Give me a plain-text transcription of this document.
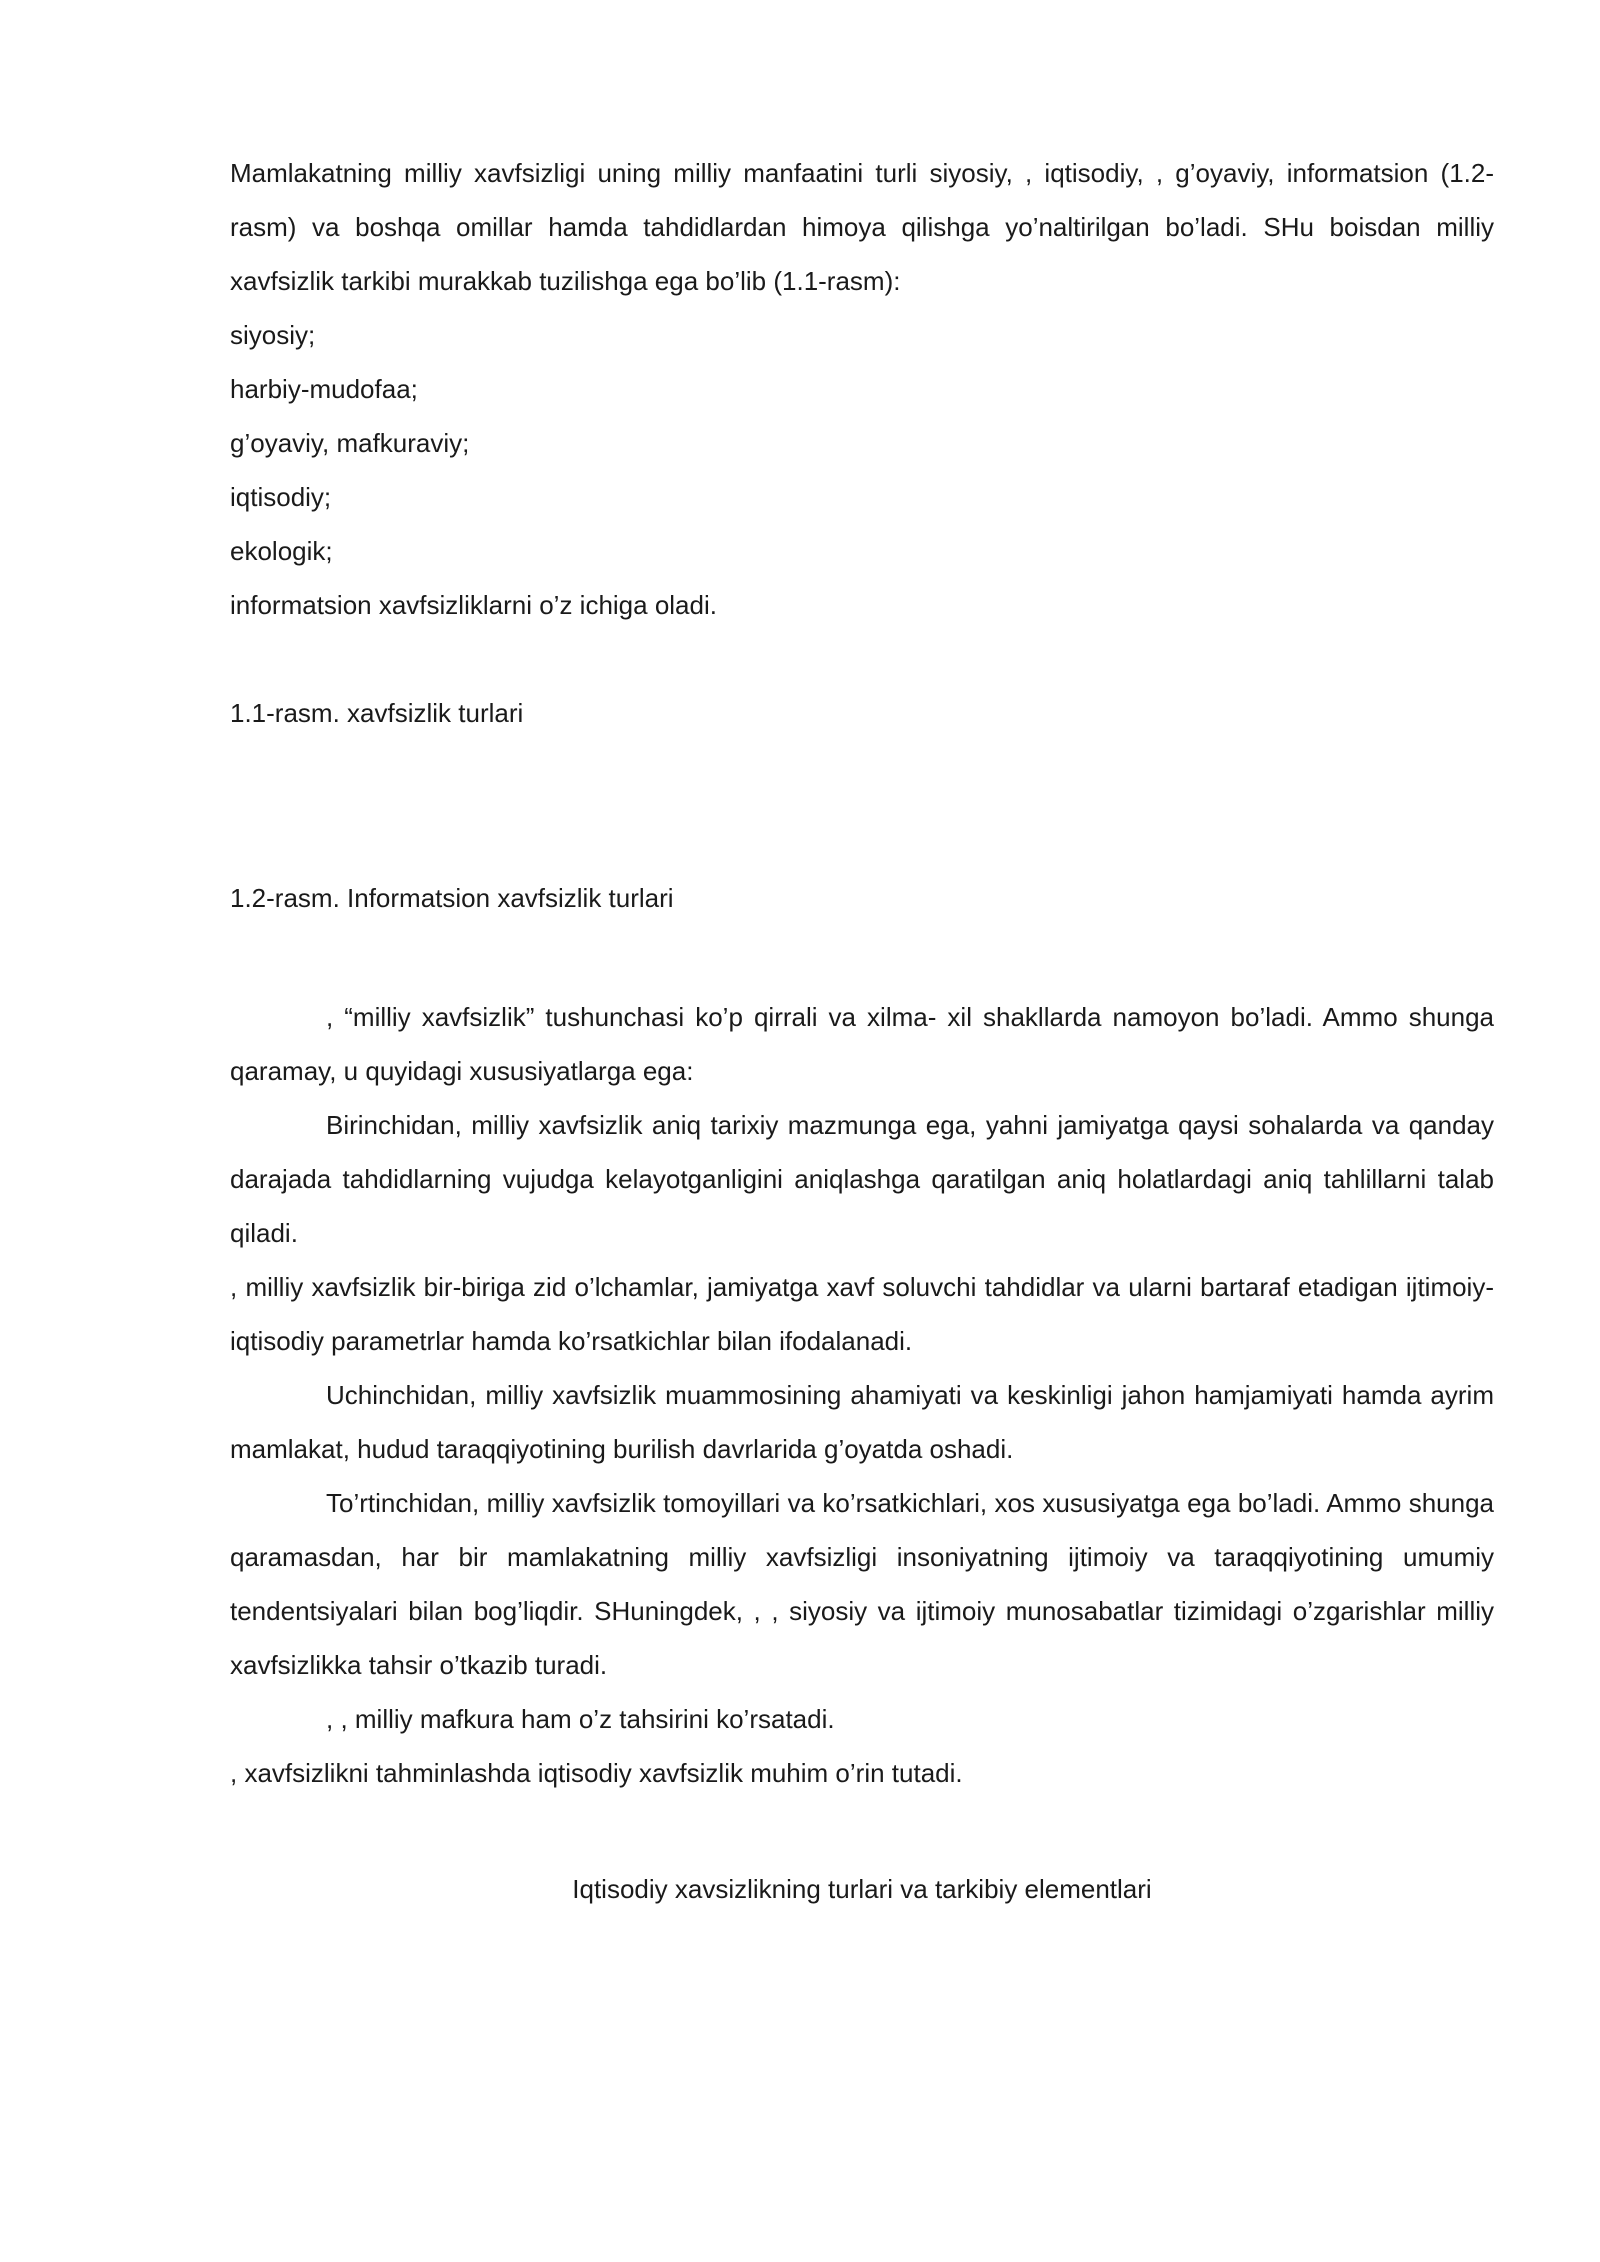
Mamlakatning milliy xavfsizligi uning milliy manfaatini turli siyosiy, , iqtisodiy, , g’oyaviy, informatsion (1.2-rasm) va boshqa omillar hamda tahdidlardan himoya qilishga yo’naltirilgan bo’ladi. SHu boisdan milliy xavfsizlik tarkibi murakkab tuzilishga ega bo’lib (1.1-rasm):

siyosiy;

harbiy-mudofaa;

g’oyaviy, mafkuraviy;

iqtisodiy;

ekologik;

informatsion xavfsizliklarni o’z ichiga oladi.

1.1-rasm. xavfsizlik turlari

1.2-rasm. Informatsion xavfsizlik turlari

, “milliy xavfsizlik” tushunchasi ko’p qirrali va xilma- xil shakllarda namoyon bo’ladi. Ammo shunga qaramay, u quyidagi xususiyatlarga ega:

Birinchidan, milliy xavfsizlik aniq tarixiy mazmunga ega, yahni jamiyatga qaysi sohalarda va qanday darajada tahdidlarning vujudga kelayotganligini aniqlashga qaratilgan aniq holatlardagi aniq tahlillarni talab qiladi.

, milliy xavfsizlik bir-biriga zid o’lchamlar, jamiyatga xavf soluvchi tahdidlar va ularni bartaraf etadigan ijtimoiy-iqtisodiy parametrlar hamda ko’rsatkichlar bilan ifodalanadi.

Uchinchidan, milliy xavfsizlik muammosining ahamiyati va keskinligi jahon hamjamiyati hamda ayrim mamlakat, hudud taraqqiyotining burilish davrlarida g’oyatda oshadi.

To’rtinchidan, milliy xavfsizlik tomoyillari va ko’rsatkichlari, xos xususiyatga ega bo’ladi. Ammo shunga qaramasdan, har bir mamlakatning milliy xavfsizligi insoniyatning ijtimoiy va taraqqiyotining umumiy tendentsiyalari bilan bog’liqdir. SHuningdek, , , siyosiy va ijtimoiy munosabatlar tizimidagi o’zgarishlar milliy xavfsizlikka tahsir o’tkazib turadi.

, , milliy mafkura ham o’z tahsirini ko’rsatadi.

, xavfsizlikni tahminlashda iqtisodiy xavfsizlik muhim o’rin tutadi.

Iqtisodiy xavsizlikning turlari va tarkibiy elementlari
